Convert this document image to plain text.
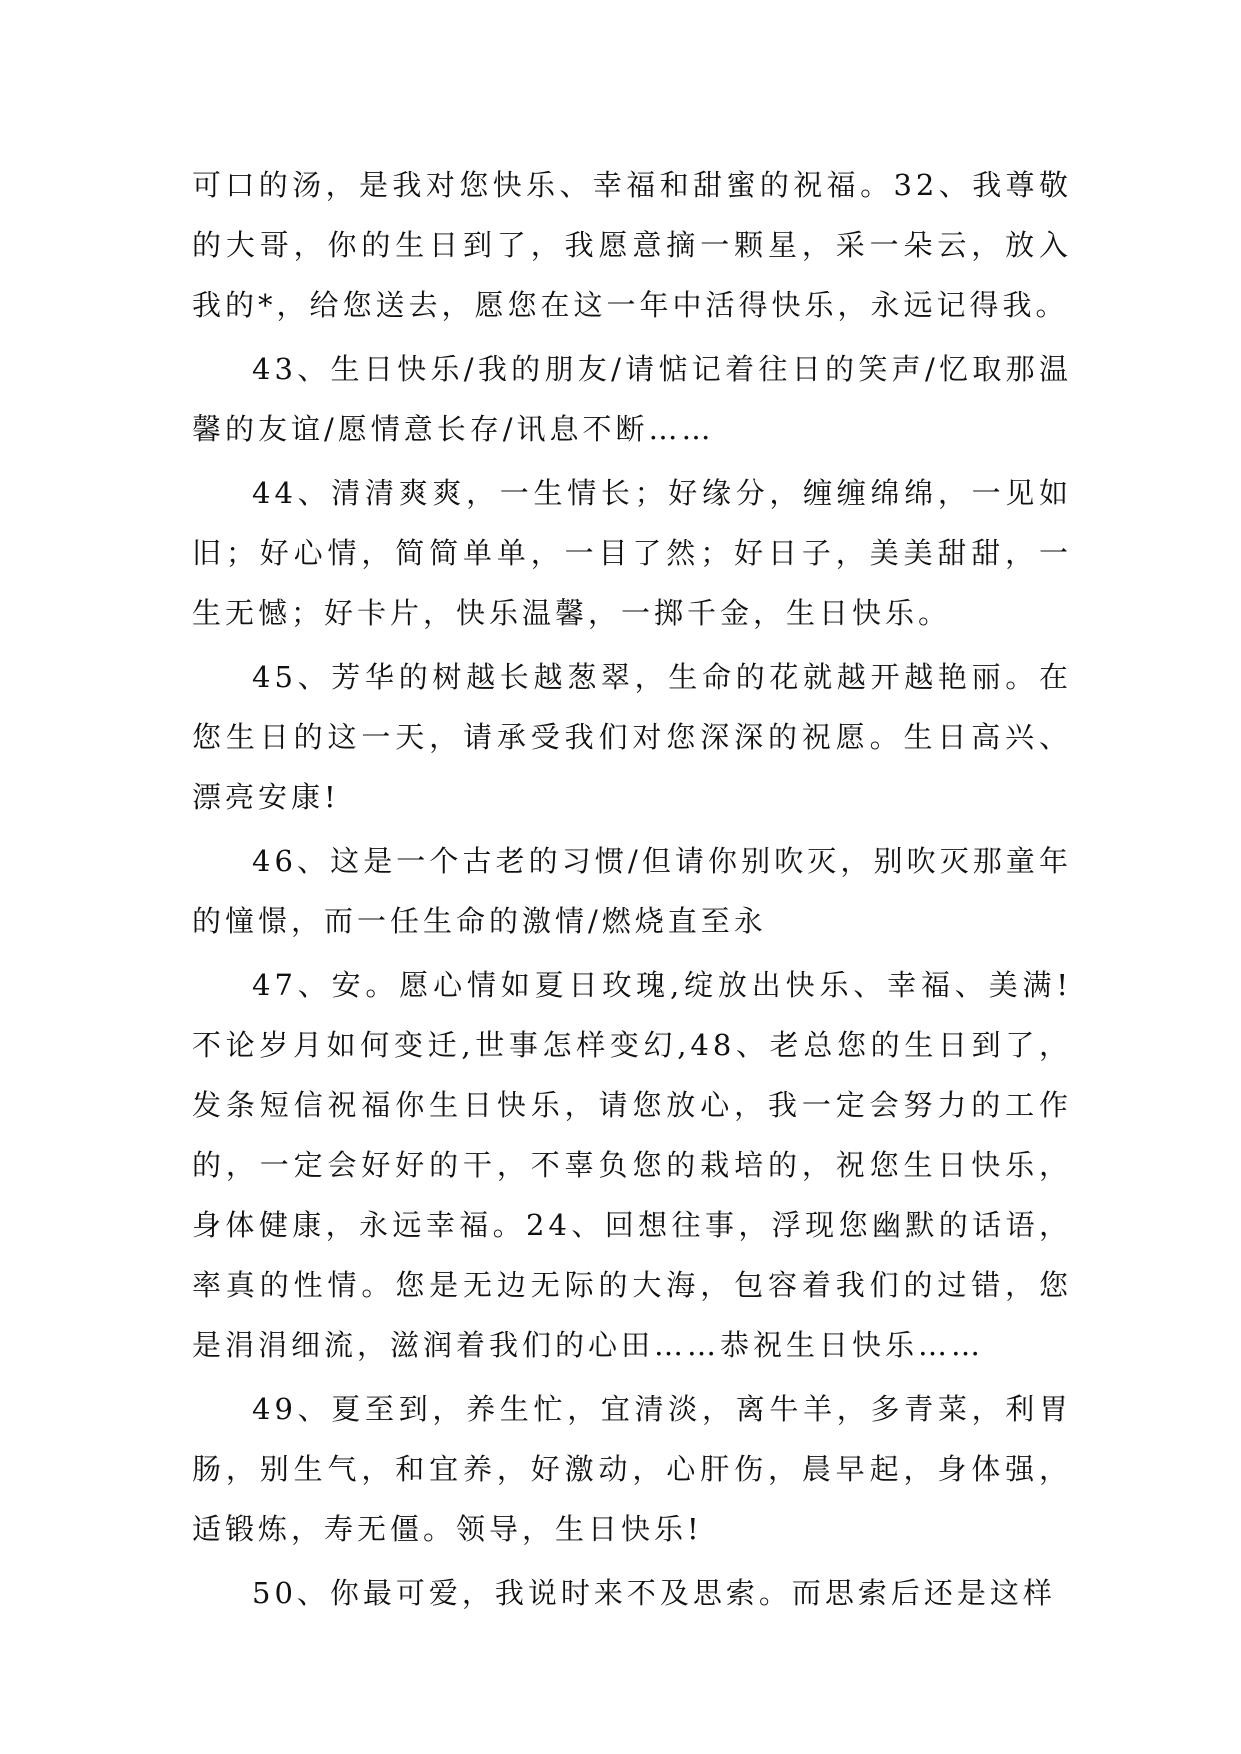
可口的汤，是我对您快乐、幸福和甜蜜的祝福。32、我尊敬的大哥，你的生日到了，我愿意摘一颗星，采一朵云，放入我的*，给您送去，愿您在这一年中活得快乐，永远记得我。

43、生日快乐/我的朋友/请惦记着往日的笑声/忆取那温馨的友谊/愿情意长存/讯息不断……

44、清清爽爽，一生情长；好缘分，缠缠绵绵，一见如旧；好心情，简简单单，一目了然；好日子，美美甜甜，一生无憾；好卡片，快乐温馨，一掷千金，生日快乐。

45、芳华的树越长越葱翠，生命的花就越开越艳丽。在您生日的这一天，请承受我们对您深深的祝愿。生日高兴、漂亮安康!

46、这是一个古老的习惯/但请你别吹灭，别吹灭那童年的憧憬，而一任生命的激情/燃烧直至永

47、安。愿心情如夏日玫瑰,绽放出快乐、幸福、美满!不论岁月如何变迁,世事怎样变幻,48、老总您的生日到了，发条短信祝福你生日快乐，请您放心，我一定会努力的工作的，一定会好好的干，不辜负您的栽培的，祝您生日快乐，身体健康，永远幸福。24、回想往事，浮现您幽默的话语，率真的性情。您是无边无际的大海，包容着我们的过错，您是涓涓细流，滋润着我们的心田……恭祝生日快乐……

49、夏至到，养生忙，宜清淡，离牛羊，多青菜，利胃肠，别生气，和宜养，好激动，心肝伤，晨早起，身体强，适锻炼，寿无僵。领导，生日快乐!

50、你最可爱，我说时来不及思索。而思索后还是这样
